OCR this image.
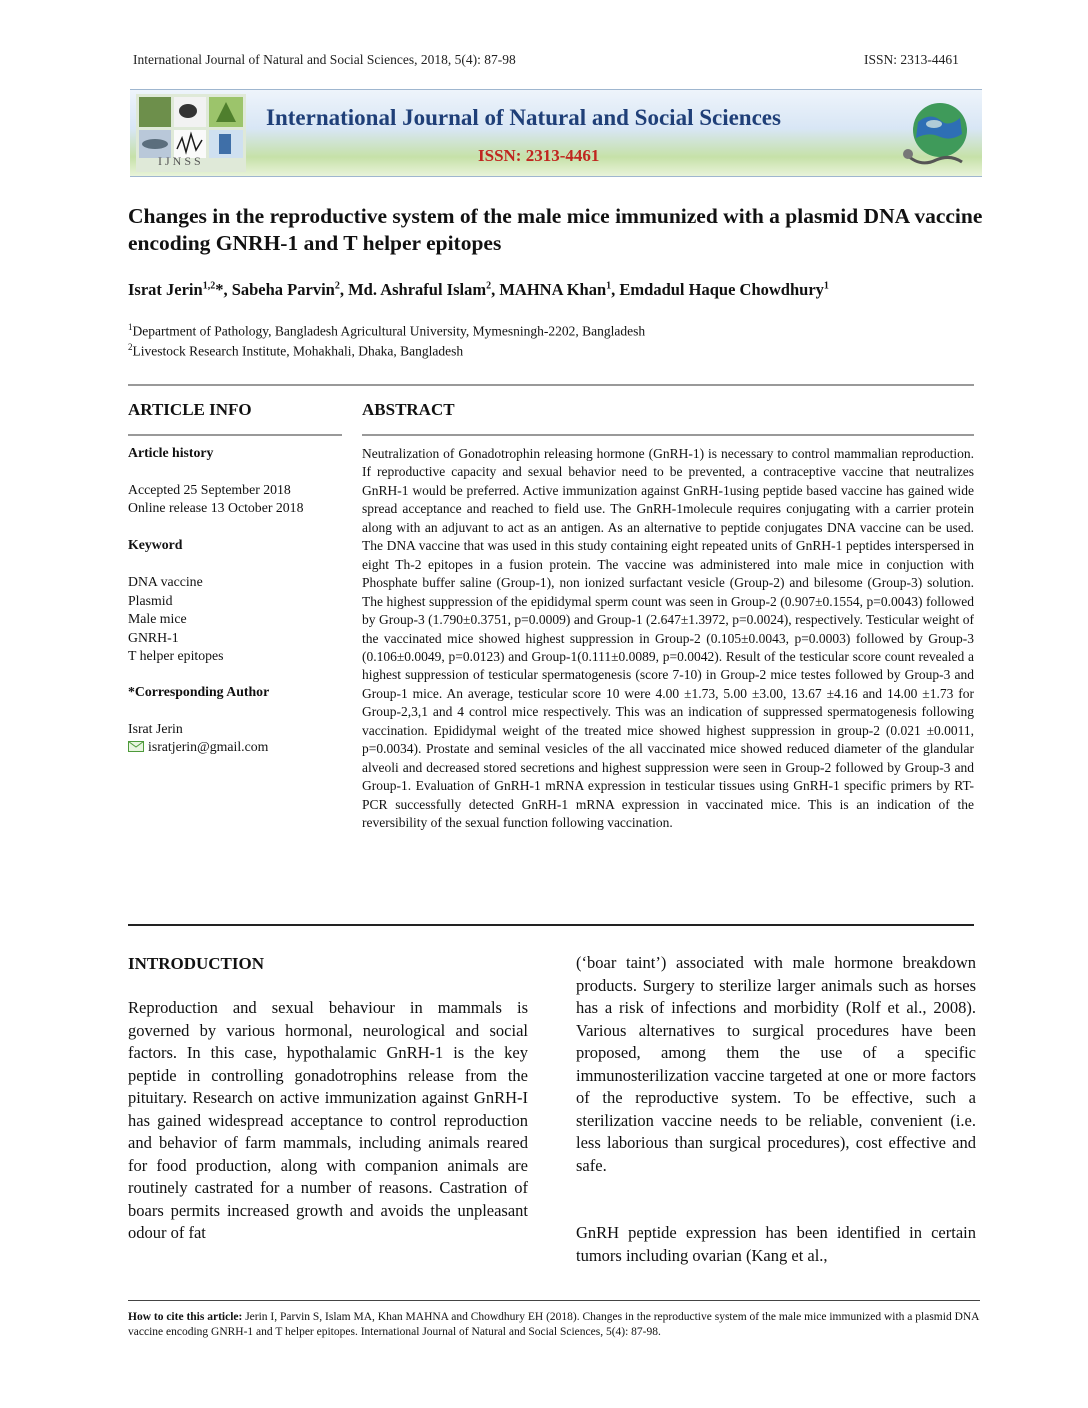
International Journal of Natural and Social Sciences, 2018, 5(4): 87-98	ISSN: 2313-4461
IJNSS
International Journal of Natural and Social Sciences
ISSN: 2313-4461
Changes in the reproductive system of the male mice immunized with a plasmid DNA vaccine encoding GNRH-1 and T helper epitopes
Israt Jerin$^{1,2}$*, Sabeha Parvin$^2$, Md. Ashraful Islam$^2$, MAHNA Khan$^1$, Emdadul Haque Chowdhury$^1$
$^1$Department of Pathology, Bangladesh Agricultural University, Mymesningh-2202, Bangladesh
$^2$Livestock Research Institute, Mohakhali, Dhaka, Bangladesh
ARTICLE INFO
Article history
Accepted 25 September 2018
Online release 13 October 2018
Keyword
DNA vaccine
Plasmid
Male mice
GNRH-1
T helper epitopes
*Corresponding Author
Israt Jerin
isratjerin@gmail.com
ABSTRACT
Neutralization of Gonadotrophin releasing hormone (GnRH-1) is necessary to control mammalian reproduction. If reproductive capacity and sexual behavior need to be prevented, a contraceptive vaccine that neutralizes GnRH-1 would be preferred. Active immunization against GnRH-1using peptide based vaccine has gained wide spread acceptance and reached to field use. The GnRH-1molecule requires conjugating with a carrier protein along with an adjuvant to act as an antigen. As an alternative to peptide conjugates DNA vaccine can be used. The DNA vaccine that was used in this study containing eight repeated units of GnRH-1 peptides interspersed in eight Th-2 epitopes in a fusion protein. The vaccine was administered into male mice in conjuction with Phosphate buffer saline (Group-1), non ionized surfactant vesicle (Group-2) and bilesome (Group-3) solution. The highest suppression of the epididymal sperm count was seen in Group-2 (0.907±0.1554, p=0.0043) followed by Group-3 (1.790±0.3751, p=0.0009) and Group-1 (2.647±1.3972, p=0.0024), respectively. Testicular weight of the vaccinated mice showed highest suppression in Group-2 (0.105±0.0043, p=0.0003) followed by Group-3 (0.106±0.0049, p=0.0123) and Group-1(0.111±0.0089, p=0.0042). Result of the testicular score count revealed a highest suppression of testicular spermatogenesis (score 7-10) in Group-2 mice testes followed by Group-3 and Group-1 mice. An average, testicular score 10 were 4.00 ±1.73, 5.00 ±3.00, 13.67 ±4.16 and 14.00 ±1.73 for Group-2,3,1 and 4 control mice respectively. This was an indication of suppressed spermatogenesis following vaccination. Epididymal weight of the treated mice showed highest suppression in group-2 (0.021 ±0.0011, p=0.0034). Prostate and seminal vesicles of the all vaccinated mice showed reduced diameter of the glandular alveoli and decreased stored secretions and highest suppression were seen in Group-2 followed by Group-3 and Group-1. Evaluation of GnRH-1 mRNA expression in testicular tissues using GnRH-1 specific primers by RT-PCR successfully detected GnRH-1 mRNA expression in vaccinated mice. This is an indication of the reversibility of the sexual function following vaccination.
INTRODUCTION
Reproduction and sexual behaviour in mammals is governed by various hormonal, neurological and social factors. In this case, hypothalamic GnRH-1 is the key peptide in controlling gonadotrophins release from the pituitary. Research on active immunization against GnRH-I has gained widespread acceptance to control reproduction and behavior of farm mammals, including animals reared for food production, along with companion animals are routinely castrated for a number of reasons. Castration of boars permits increased growth and avoids the unpleasant odour of fat
(‘boar taint’) associated with male hormone breakdown products. Surgery to sterilize larger animals such as horses has a risk of infections and morbidity (Rolf et al., 2008). Various alternatives to surgical procedures have been proposed, among them the use of a specific immunosterilization vaccine targeted at one or more factors of the reproductive system. To be effective, such a sterilization vaccine needs to be reliable, convenient (i.e. less laborious than surgical procedures), cost effective and safe.
GnRH peptide expression has been identified in certain tumors including ovarian (Kang et al.,
How to cite this article: Jerin I, Parvin S, Islam MA, Khan MAHNA and Chowdhury EH (2018). Changes in the reproductive system of the male mice immunized with a plasmid DNA vaccine encoding GNRH-1 and T helper epitopes. International Journal of Natural and Social Sciences, 5(4): 87-98.
